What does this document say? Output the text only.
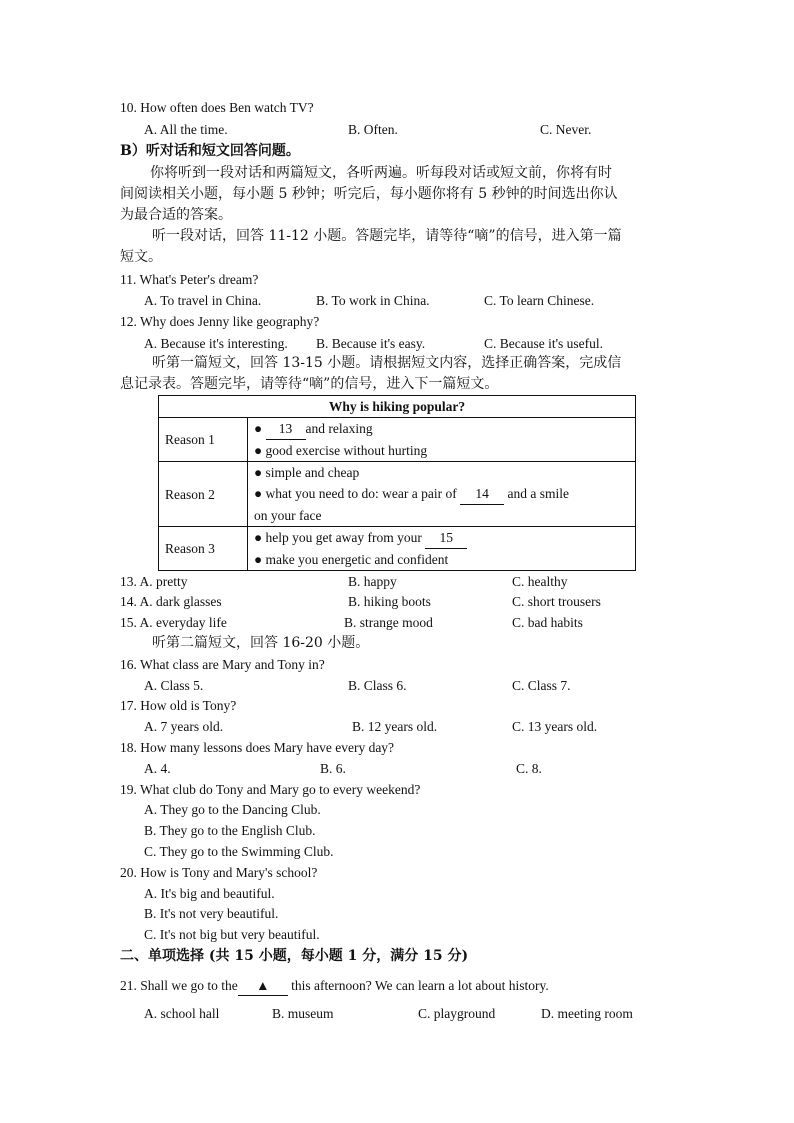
10. How often does Ben watch TV?
A. All the time.	B. Often.	C. Never.
B）听对话和短文回答问题。
你将听到一段对话和两篇短文，各听两遍。听每段对话或短文前，你将有时
间阅读相关小题，每小题 5 秒钟；听完后，每小题你将有 5 秒钟的时间选出你认
为最合适的答案。
听一段对话，回答 11-12 小题。答题完毕，请等待“嘀”的信号，进入第一篇
短文。
11. What's Peter's dream?
A. To travel in China.	B. To work in China.	C. To learn Chinese.
12. Why does Jenny like geography?
A. Because it's interesting. B. Because it's easy.	C. Because it's useful.
听第一篇短文，回答 13-15 小题。请根据短文内容，选择正确答案，完成信
息记录表。答题完毕，请等待“嘀”的信号，进入下一篇短文。
Why is hiking popular?	
Reason 1	● 13 and relaxing
● good exercise without hurting
Reason 2	● simple and cheap
● what you need to do: wear a pair of 14 and a smile
on your face
Reason 3	● help you get away from your 15
● make you energetic and confident
13. A. pretty	B. happy	C. healthy
14. A. dark glasses	B. hiking boots	C. short trousers
15. A. everyday life	B. strange mood	C. bad habits
听第二篇短文，回答 16-20 小题。
16. What class are Mary and Tony in?
A. Class 5.	B. Class 6.	C. Class 7.
17. How old is Tony?
A. 7 years old.	B. 12 years old.	C. 13 years old.
18. How many lessons does Mary have every day?
A. 4.	B. 6.	C. 8.
19. What club do Tony and Mary go to every weekend?
A. They go to the Dancing Club.
B. They go to the English Club.
C. They go to the Swimming Club.
20. How is Tony and Mary's school?
A. It's big and beautiful.
B. It's not very beautiful.
C. It's not big but very beautiful.
二、单项选择 (共 15 小题，每小题 1 分，满分 15 分)
21. Shall we go to the ▲ this afternoon? We can learn a lot about history.
A. school hall	B. museum	C. playground	D. meeting room
